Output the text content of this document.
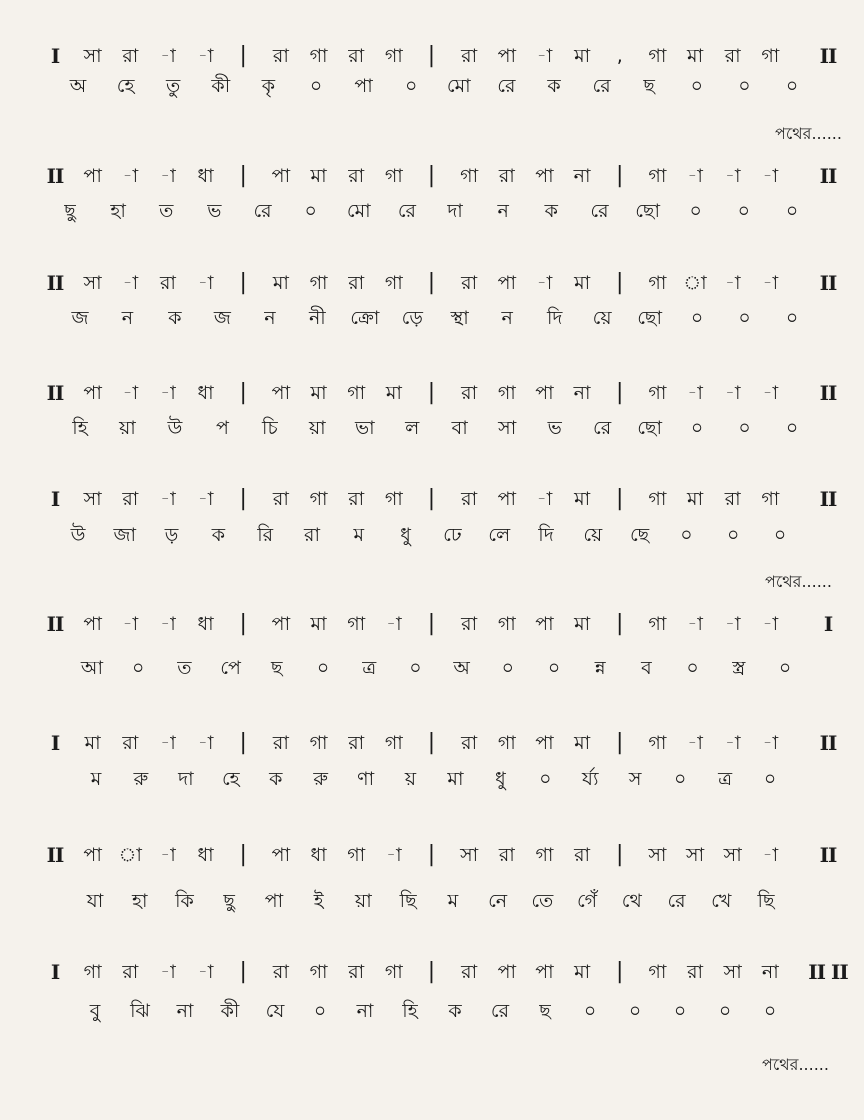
I সা রা -া -া | রা গা রা গা | রা পা -া মা , গা মা রা গা II
অ হে তু কী কৃ ০ পা ০ মো রে ক রে ছ ০ ০ ০
পথের......
II পা -া -া ধা | পা মা রা গা | গা রা পা না | গা -া -া -া II
ছু হা ত ভ রে ০ মো রে দা ন ক রে ছো ০ ০ ০
II সা -া রা -া | মা গা রা গা | রা পা -া মা | গা া -া -া II
জ ন ক জ ন নী ক্রো ড়ে স্থা ন দি য়ে ছো ০ ০ ০
II পা -া -া ধা | পা মা গা মা | রা গা পা না | গা -া -া -া II
হি য়া উ প চি য়া ভা ল বা সা ভ রে ছো ০ ০ ০
I সা রা -া -া | রা গা রা গা | রা পা -া মা | গা মা রা গা II
উ জা ড় ক রি রা ম ধু ঢে লে দি য়ে ছে ০ ০ ০
পথের......
II পা -া -া ধা | পা মা গা -া | রা গা পা মা | গা -া -া -া I
আ ০ ত পে ছ ০ ত্র ০ অ ০ ০ ন্ন ব ০ স্ত্র ০
I মা রা -া -া | রা গা রা গা | রা গা পা মা | গা -া -া -া II
ম রু দা হে ক রু ণা য় মা ধু ০ র্য্য স ০ ত্র ০
II পা া -া ধা | পা ধা গা -া | সা রা গা রা | সা সা সা -া II
যা হা কি ছু পা ই য়া ছি ম নে তে গেঁ থে রে খে ছি
I গা রা -া -া | রা গা রা গা | রা পা পা মা | গা রা সা না II II
বু ঝি না কী যে ০ না হি ক রে ছ ০ ০ ০ ০ ০
পথের......
